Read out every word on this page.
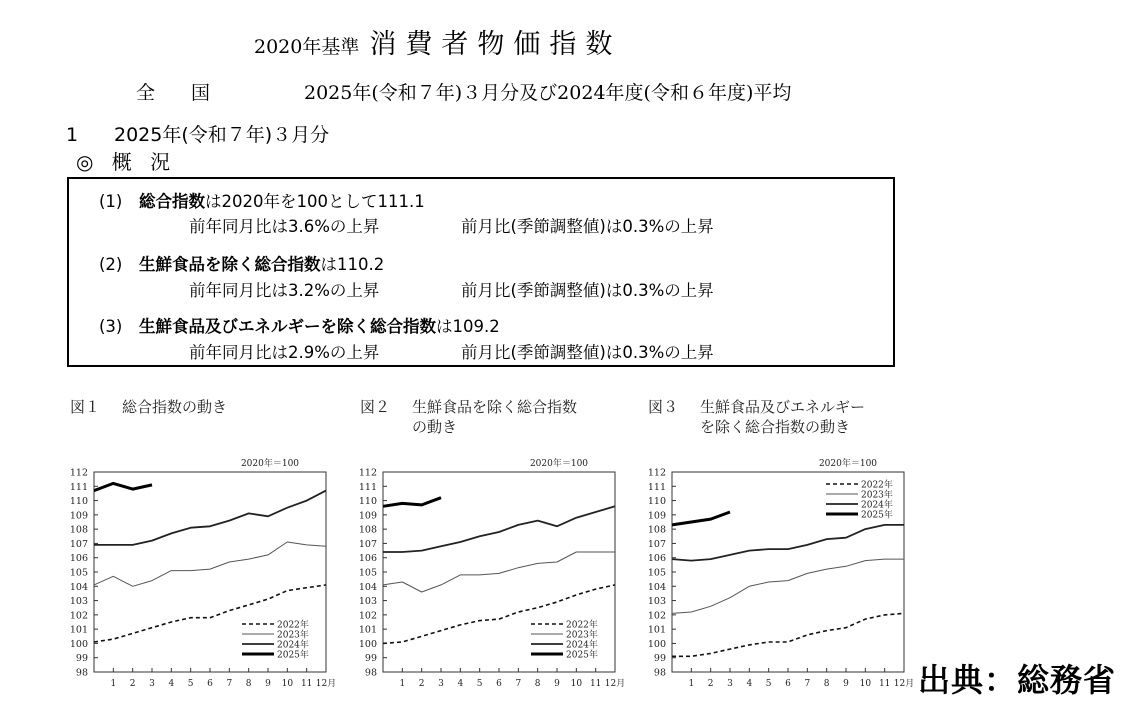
2020年基準 消費者物価指数
全国	2025年(令和７年)３月分及び2024年度(令和６年度)平均
1 2025年(令和７年)３月分
◎ 概 況
(1) 総合指数は2020年を100として111.1
前年同月比は3.6%の上昇	前月比(季節調整値)は0.3%の上昇
(2) 生鮮食品を除く総合指数は110.2
前年同月比は3.2%の上昇	前月比(季節調整値)は0.3%の上昇
(3) 生鮮食品及びエネルギーを除く総合指数は109.2
前年同月比は2.9%の上昇	前月比(季節調整値)は0.3%の上昇
図１ 総合指数の動き	図２ 生鮮食品を除く総合指数
の動き
図３ 生鮮食品及びエネルギー
を除く総合指数の動き
98
99
100
101
102
103
104
105
106
107
108
109
110
111
112
1 2 3 4 5 6 7 8 9 10 11 12月
2020年＝100
2022年
2023年
2024年
2025年
98
99
100
101
102
103
104
105
106
107
108
109
110
111
112
1 2 3 4 5 6 7 8 9 10 11 12月
2020年＝100
2022年
2023年
2024年
2025年
98
99
100
101
102
103
104
105
106
107
108
109
110
111
112
1 2 3 4 5 6 7 8 9 10 11 12月
2020年＝100
2022年
2023年
2024年
2025年
出典：総務省
